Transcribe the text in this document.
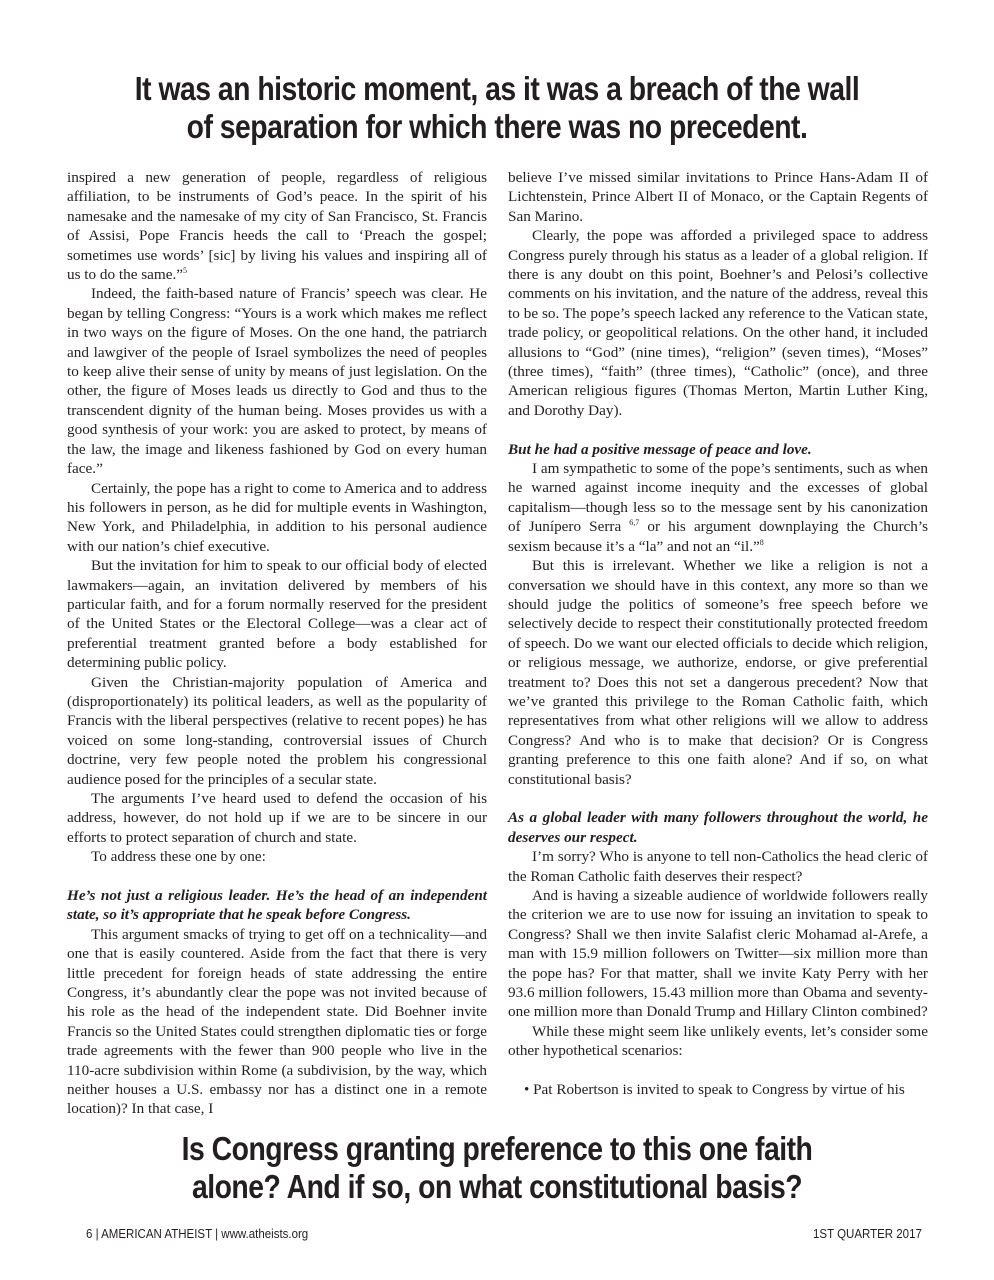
It was an historic moment, as it was a breach of the wall
of separation for which there was no precedent.

inspired a new generation of people, regardless of religious affiliation, to be instruments of God’s peace. In the spirit of his namesake and the namesake of my city of San Francisco, St. Francis of Assisi, Pope Francis heeds the call to ‘Preach the gospel; sometimes use words’ [sic] by living his values and inspiring all of us to do the same.”$^5$

Indeed, the faith-based nature of Francis’ speech was clear. He began by telling Congress: “Yours is a work which makes me reflect in two ways on the figure of Moses. On the one hand, the patriarch and lawgiver of the people of Israel symbolizes the need of peoples to keep alive their sense of unity by means of just legislation. On the other, the figure of Moses leads us directly to God and thus to the transcendent dignity of the human being. Moses provides us with a good synthesis of your work: you are asked to protect, by means of the law, the image and likeness fashioned by God on every human face.”

Certainly, the pope has a right to come to America and to address his followers in person, as he did for multiple events in Washington, New York, and Philadelphia, in addition to his personal audience with our nation’s chief executive.

But the invitation for him to speak to our official body of elected lawmakers—again, an invitation delivered by members of his particular faith, and for a forum normally reserved for the president of the United States or the Electoral College—was a clear act of preferential treatment granted before a body established for determining public policy.

Given the Christian-majority population of America and (disproportionately) its political leaders, as well as the popularity of Francis with the liberal perspectives (relative to recent popes) he has voiced on some long-standing, controversial issues of Church doctrine, very few people noted the problem his congressional audience posed for the principles of a secular state.

The arguments I’ve heard used to defend the occasion of his address, however, do not hold up if we are to be sincere in our efforts to protect separation of church and state.

To address these one by one:

He’s not just a religious leader. He’s the head of an independent state, so it’s appropriate that he speak before Congress.

This argument smacks of trying to get off on a technicality—and one that is easily countered. Aside from the fact that there is very little precedent for foreign heads of state addressing the entire Congress, it’s abundantly clear the pope was not invited because of his role as the head of the independent state. Did Boehner invite Francis so the United States could strengthen diplomatic ties or forge trade agreements with the fewer than 900 people who live in the 110-acre subdivision within Rome (a subdivision, by the way, which neither houses a U.S. embassy nor has a distinct one in a remote location)? In that case, I

believe I’ve missed similar invitations to Prince Hans-Adam II of Lichtenstein, Prince Albert II of Monaco, or the Captain Regents of San Marino.

Clearly, the pope was afforded a privileged space to address Congress purely through his status as a leader of a global religion. If there is any doubt on this point, Boehner’s and Pelosi’s collective comments on his invitation, and the nature of the address, reveal this to be so. The pope’s speech lacked any reference to the Vatican state, trade policy, or geopolitical relations. On the other hand, it included allusions to “God” (nine times), “religion” (seven times), “Moses” (three times), “faith” (three times), “Catholic” (once), and three American religious figures (Thomas Merton, Martin Luther King, and Dorothy Day).

But he had a positive message of peace and love.

I am sympathetic to some of the pope’s sentiments, such as when he warned against income inequity and the excesses of global capitalism—though less so to the message sent by his canonization of Junípero Serra $^{6,7}$ or his argument downplaying the Church’s sexism because it’s a “la” and not an “il.”$^8$

But this is irrelevant. Whether we like a religion is not a conversation we should have in this context, any more so than we should judge the politics of someone’s free speech before we selectively decide to respect their constitutionally protected freedom of speech. Do we want our elected officials to decide which religion, or religious message, we authorize, endorse, or give preferential treatment to? Does this not set a dangerous precedent? Now that we’ve granted this privilege to the Roman Catholic faith, which representatives from what other religions will we allow to address Congress? And who is to make that decision? Or is Congress granting preference to this one faith alone? And if so, on what constitutional basis?

As a global leader with many followers throughout the world, he deserves our respect.

I’m sorry? Who is anyone to tell non-Catholics the head cleric of the Roman Catholic faith deserves their respect?

And is having a sizeable audience of worldwide followers really the criterion we are to use now for issuing an invitation to speak to Congress? Shall we then invite Salafist cleric Mohamad al-Arefe, a man with 15.9 million followers on Twitter—six million more than the pope has? For that matter, shall we invite Katy Perry with her 93.6 million followers, 15.43 million more than Obama and seventy-one million more than Donald Trump and Hillary Clinton combined?

While these might seem like unlikely events, let’s consider some other hypothetical scenarios:

• Pat Robertson is invited to speak to Congress by virtue of his

Is Congress granting preference to this one faith
alone? And if so, on what constitutional basis?
6 | AMERICAN ATHEIST | www.atheists.org	1ST QUARTER 2017
